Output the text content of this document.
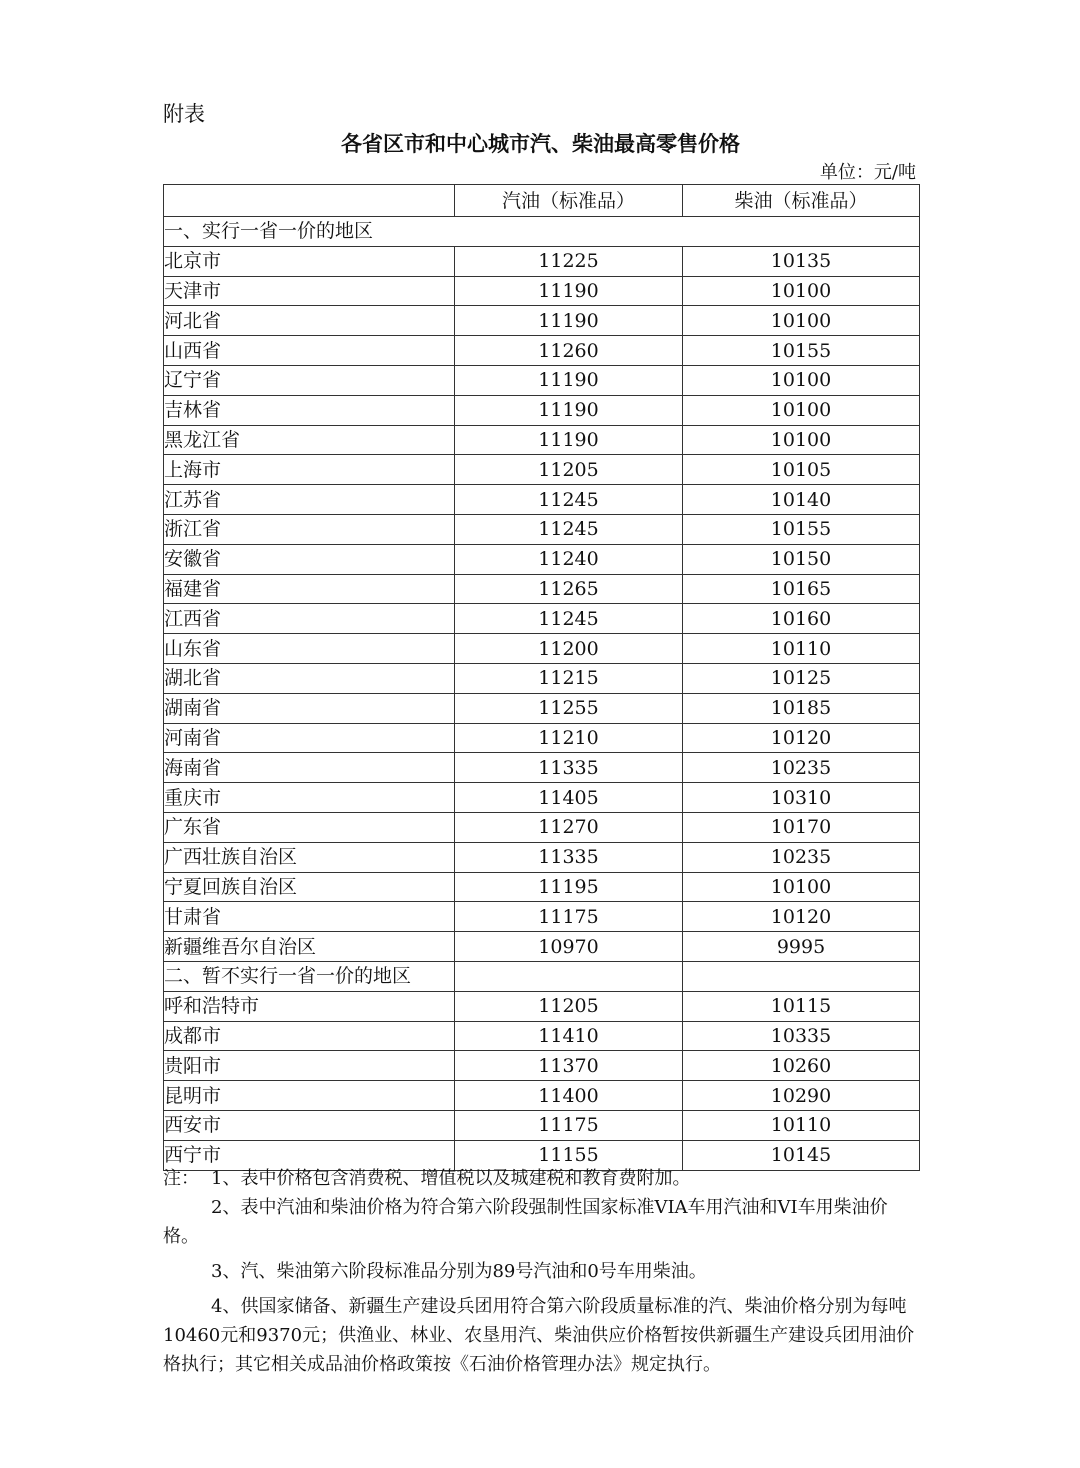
附表
各省区市和中心城市汽、柴油最高零售价格
单位：元/吨
	汽油（标准品）	柴油（标准品）
一、实行一省一价的地区		
北京市	11225	10135
天津市	11190	10100
河北省	11190	10100
山西省	11260	10155
辽宁省	11190	10100
吉林省	11190	10100
黑龙江省	11190	10100
上海市	11205	10105
江苏省	11245	10140
浙江省	11245	10155
安徽省	11240	10150
福建省	11265	10165
江西省	11245	10160
山东省	11200	10110
湖北省	11215	10125
湖南省	11255	10185
河南省	11210	10120
海南省	11335	10235
重庆市	11405	10310
广东省	11270	10170
广西壮族自治区	11335	10235
宁夏回族自治区	11195	10100
甘肃省	11175	10120
新疆维吾尔自治区	10970	9995
二、暂不实行一省一价的地区		
呼和浩特市	11205	10115
成都市	11410	10335
贵阳市	11370	10260
昆明市	11400	10290
西安市	11175	10110
西宁市	11155	10145

注： 1、表中价格包含消费税、增值税以及城建税和教育费附加。

2、表中汽油和柴油价格为符合第六阶段强制性国家标准VIA车用汽油和VI车用柴油价格。

3、汽、柴油第六阶段标准品分别为89号汽油和0号车用柴油。

4、供国家储备、新疆生产建设兵团用符合第六阶段质量标准的汽、柴油价格分别为每吨10460元和9370元；供渔业、林业、农垦用汽、柴油供应价格暂按供新疆生产建设兵团用油价格执行；其它相关成品油价格政策按《石油价格管理办法》规定执行。
